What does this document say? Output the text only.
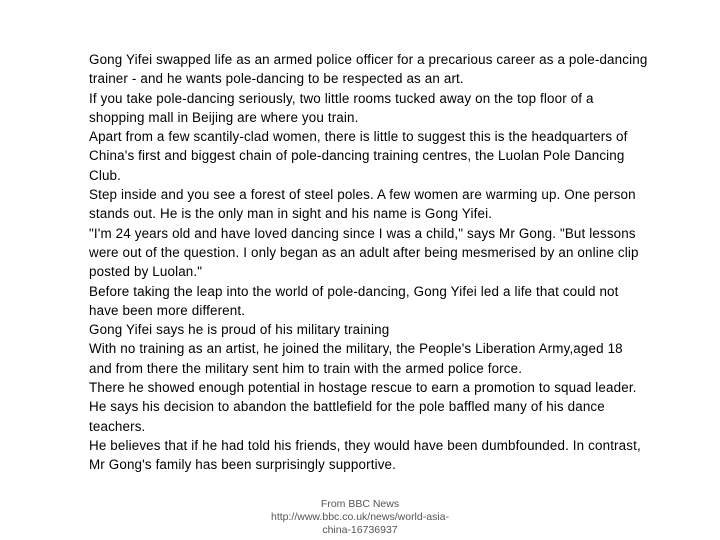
Gong Yifei swapped life as an armed police officer for a precarious career as a pole-dancing trainer - and he wants pole-dancing to be respected as an art.

If you take pole-dancing seriously, two little rooms tucked away on the top floor of a shopping mall in Beijing are where you train.

Apart from a few scantily-clad women, there is little to suggest this is the headquarters of China's first and biggest chain of pole-dancing training centres, the Luolan Pole Dancing Club.

Step inside and you see a forest of steel poles. A few women are warming up. One person stands out. He is the only man in sight and his name is Gong Yifei.

"I'm 24 years old and have loved dancing since I was a child," says Mr Gong. "But lessons were out of the question. I only began as an adult after being mesmerised by an online clip posted by Luolan."

Before taking the leap into the world of pole-dancing, Gong Yifei led a life that could not have been more different.

Gong Yifei says he is proud of his military training

With no training as an artist, he joined the military, the People's Liberation Army,aged 18 and from there the military sent him to train with the armed police force.

There he showed enough potential in hostage rescue to earn a promotion to squad leader.

He says his decision to abandon the battlefield for the pole baffled many of his dance teachers.

He believes that if he had told his friends, they would have been dumbfounded. In contrast, Mr Gong's family has been surprisingly supportive.

From BBC News
http://www.bbc.co.uk/news/world-asia-
china-16736937
